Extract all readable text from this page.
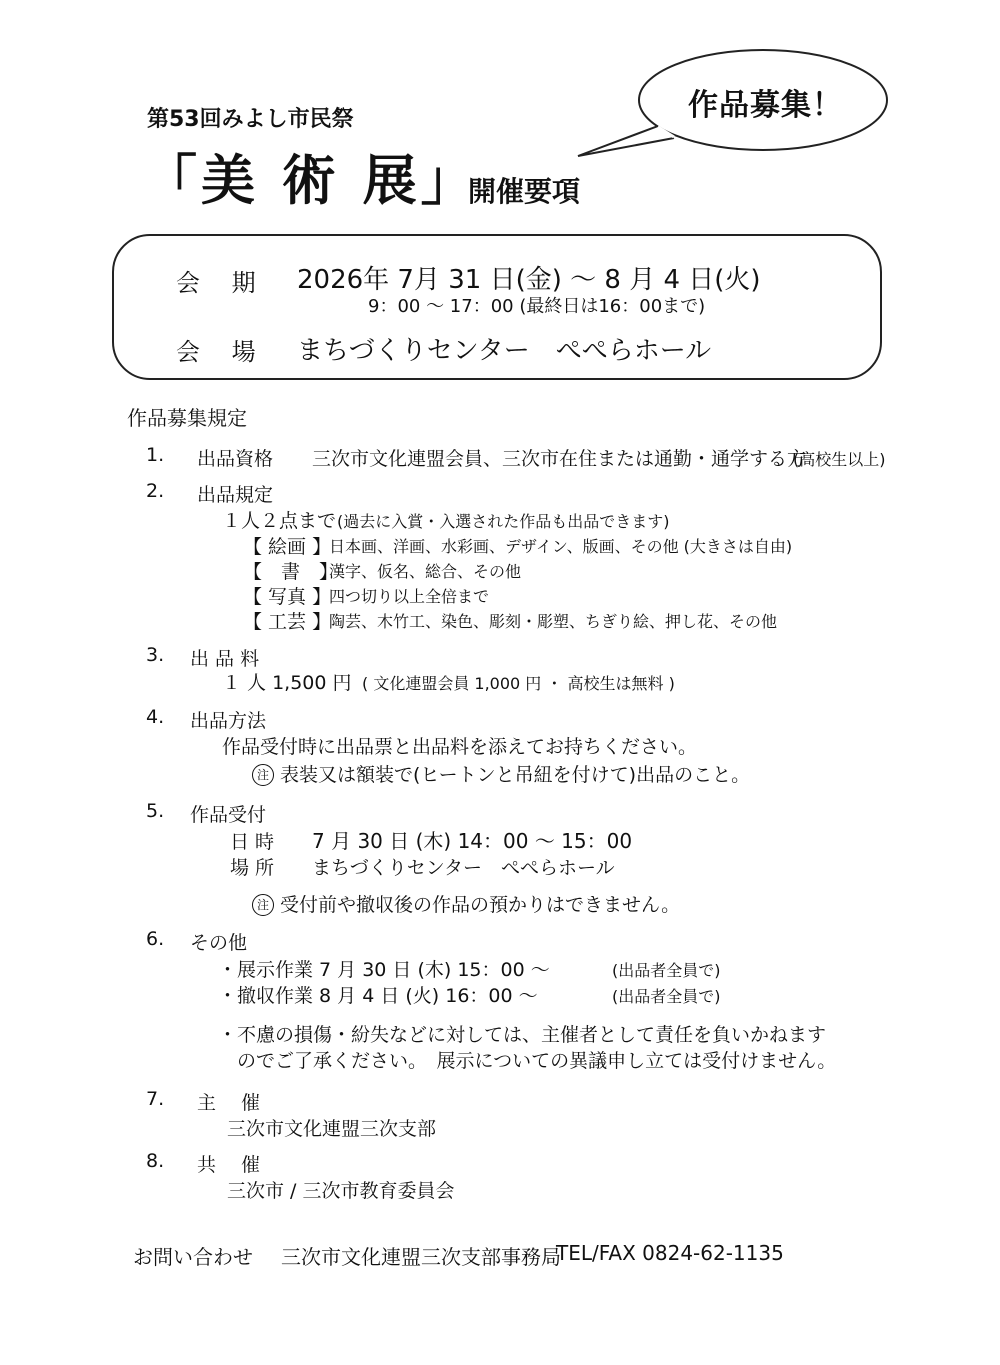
作品募集！
第53回みよし市民祭
「美 術 展」
開催要項
会 期 2026年 7月 31 日(金) ～ 8 月 4 日(火)
9：00 ～ 17：00 (最終日は16：00まで)
会 場 まちづくりセンター　ぺぺらホール
作品募集規定
1. 出品資格 三次市文化連盟会員、三次市在住または通勤・通学する方
(高校生以上)
2. 出品規定
１人２点まで (過去に入賞・入選された作品も出品できます)
【 絵画 】
日本画、洋画、水彩画、デザイン、版画、その他 (大きさは自由)
【　書　】
漢字、仮名、総合、その他
【 写真 】
四つ切り以上全倍まで
【 工芸 】
陶芸、木竹工、染色、彫刻・彫塑、ちぎり絵、押し花、その他
3. 出 品 料
１ 人 1,500 円 ( 文化連盟会員 1,000 円 ・ 高校生は無料 )
4. 出品方法
作品受付時に出品票と出品料を添えてお持ちください。
注 表装又は額装で(ヒートンと吊紐を付けて)出品のこと。
5. 作品受付
日 時 7 月 30 日 (木) 14：00 ～ 15：00
場 所 まちづくりセンター　ぺぺらホール
注 受付前や撤収後の作品の預かりはできません。
6. その他
・展示作業 7 月 30 日 (木) 15：00 ～	(出品者全員で)
・撤収作業 8 月 4 日 (火) 16：00 ～	(出品者全員で)
・不慮の損傷・紛失などに対しては、主催者として責任を負いかねます
　のでご了承ください。　展示についての異議申し立ては受付けません。
7. 主　 催
三次市文化連盟三次支部
8. 共　 催
三次市 / 三次市教育委員会
お問い合わせ 三次市文化連盟三次支部事務局
TEL/FAX 0824-62-1135
